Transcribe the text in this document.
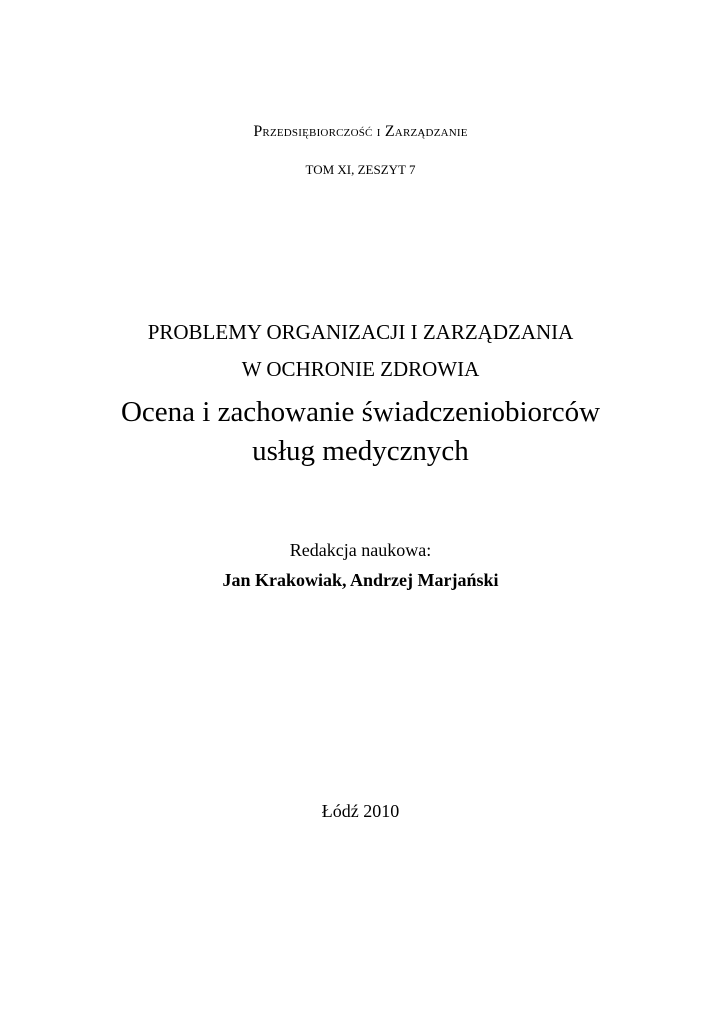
Przedsiębiorczość i Zarządzanie
TOM XI, ZESZYT 7
PROBLEMY ORGANIZACJI I ZARZĄDZANIA
W OCHRONIE ZDROWIA
Ocena i zachowanie świadczeniobiorców
usług medycznych
Redakcja naukowa:
Jan Krakowiak, Andrzej Marjański
Łódź 2010
